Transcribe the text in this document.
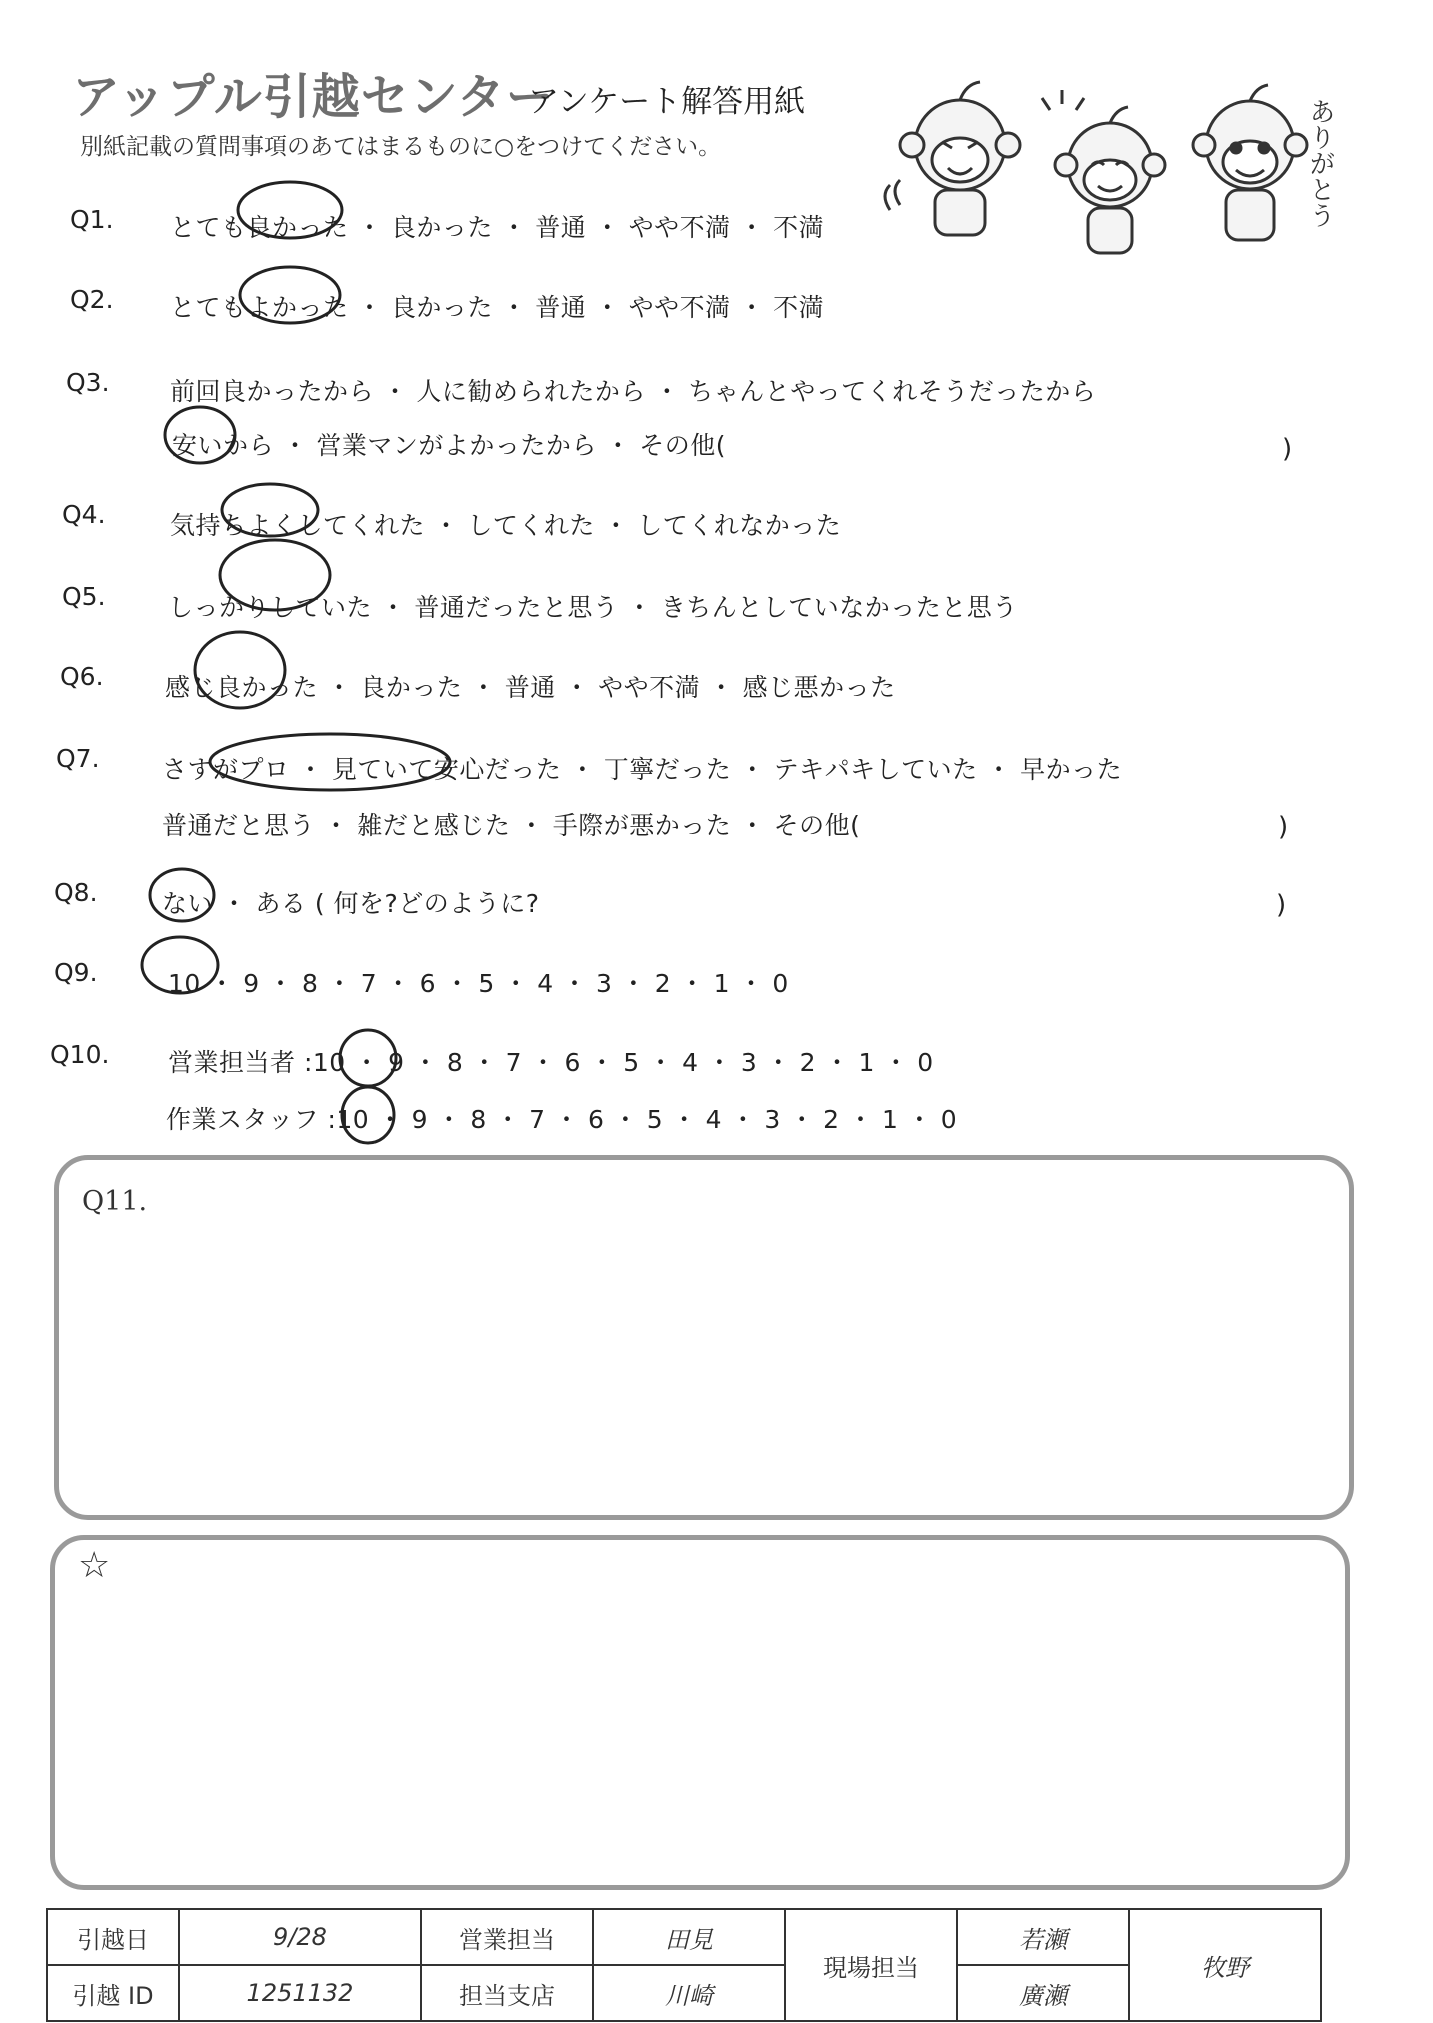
アップル引越センター
アンケート解答用紙
別紙記載の質問事項のあてはまるものに○をつけてください。	ありがとう
Q1. とても良かった ・ 良かった ・ 普通 ・ やや不満 ・ 不満
Q2. とてもよかった ・ 良かった ・ 普通 ・ やや不満 ・ 不満
Q3. 前回良かったから ・ 人に勧められたから ・ ちゃんとやってくれそうだったから
安いから ・ 営業マンがよかったから ・ その他(	)
Q4.	気持ちよくしてくれた ・ してくれた ・ してくれなかった
Q5. しっかりしていた ・ 普通だったと思う ・ きちんとしていなかったと思う
Q6. 感じ良かった ・ 良かった ・ 普通 ・ やや不満 ・ 感じ悪かった
Q7. さすがプロ ・ 見ていて安心だった ・ 丁寧だった ・ テキパキしていた ・ 早かった
普通だと思う ・ 雑だと感じた ・ 手際が悪かった ・ その他(	)
Q8.	ない ・ ある ( 何を?どのように?	)
Q9.	10 ・ 9 ・ 8 ・ 7 ・ 6 ・ 5 ・ 4 ・ 3 ・ 2 ・ 1 ・ 0
Q10. 営業担当者 :10 ・ 9 ・ 8 ・ 7 ・ 6 ・ 5 ・ 4 ・ 3 ・ 2 ・ 1 ・ 0
作業スタッフ :10 ・ 9 ・ 8 ・ 7 ・ 6 ・ 5 ・ 4 ・ 3 ・ 2 ・ 1 ・ 0
Q11.
☆
引越日	9/28	営業担当	田見	現場担当	若瀬	牧野
引越 ID	1251132	担当支店	川崎		廣瀬	
